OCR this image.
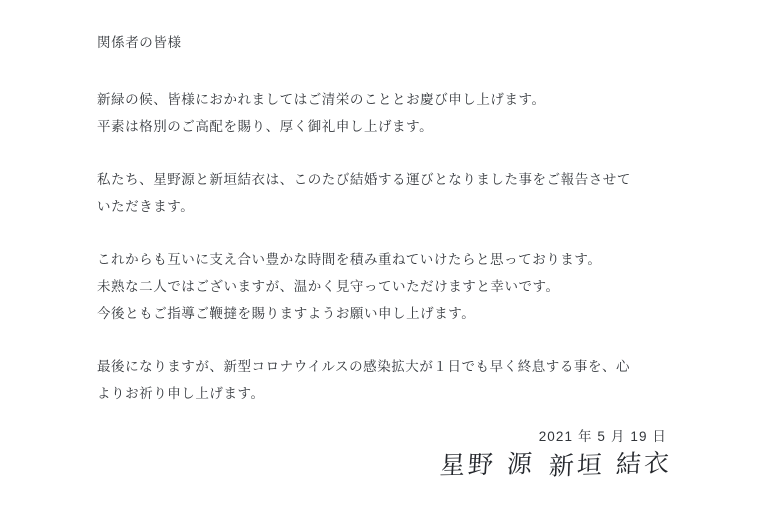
関係者の皆様

新緑の候、皆様におかれましてはご清栄のこととお慶び申し上げます。
平素は格別のご高配を賜り、厚く御礼申し上げます。
私たち、星野源と新垣結衣は、このたび結婚する運びとなりました事をご報告させて
いただきます。
これからも互いに支え合い豊かな時間を積み重ねていけたらと思っております。
未熟な二人ではございますが、温かく見守っていただけますと幸いです。
今後ともご指導ご鞭撻を賜りますようお願い申し上げます。
最後になりますが、新型コロナウイルスの感染拡大が１日でも早く終息する事を、心
よりお祈り申し上げます。
2021 年 5 月 19 日
星野 源 新垣 結衣
